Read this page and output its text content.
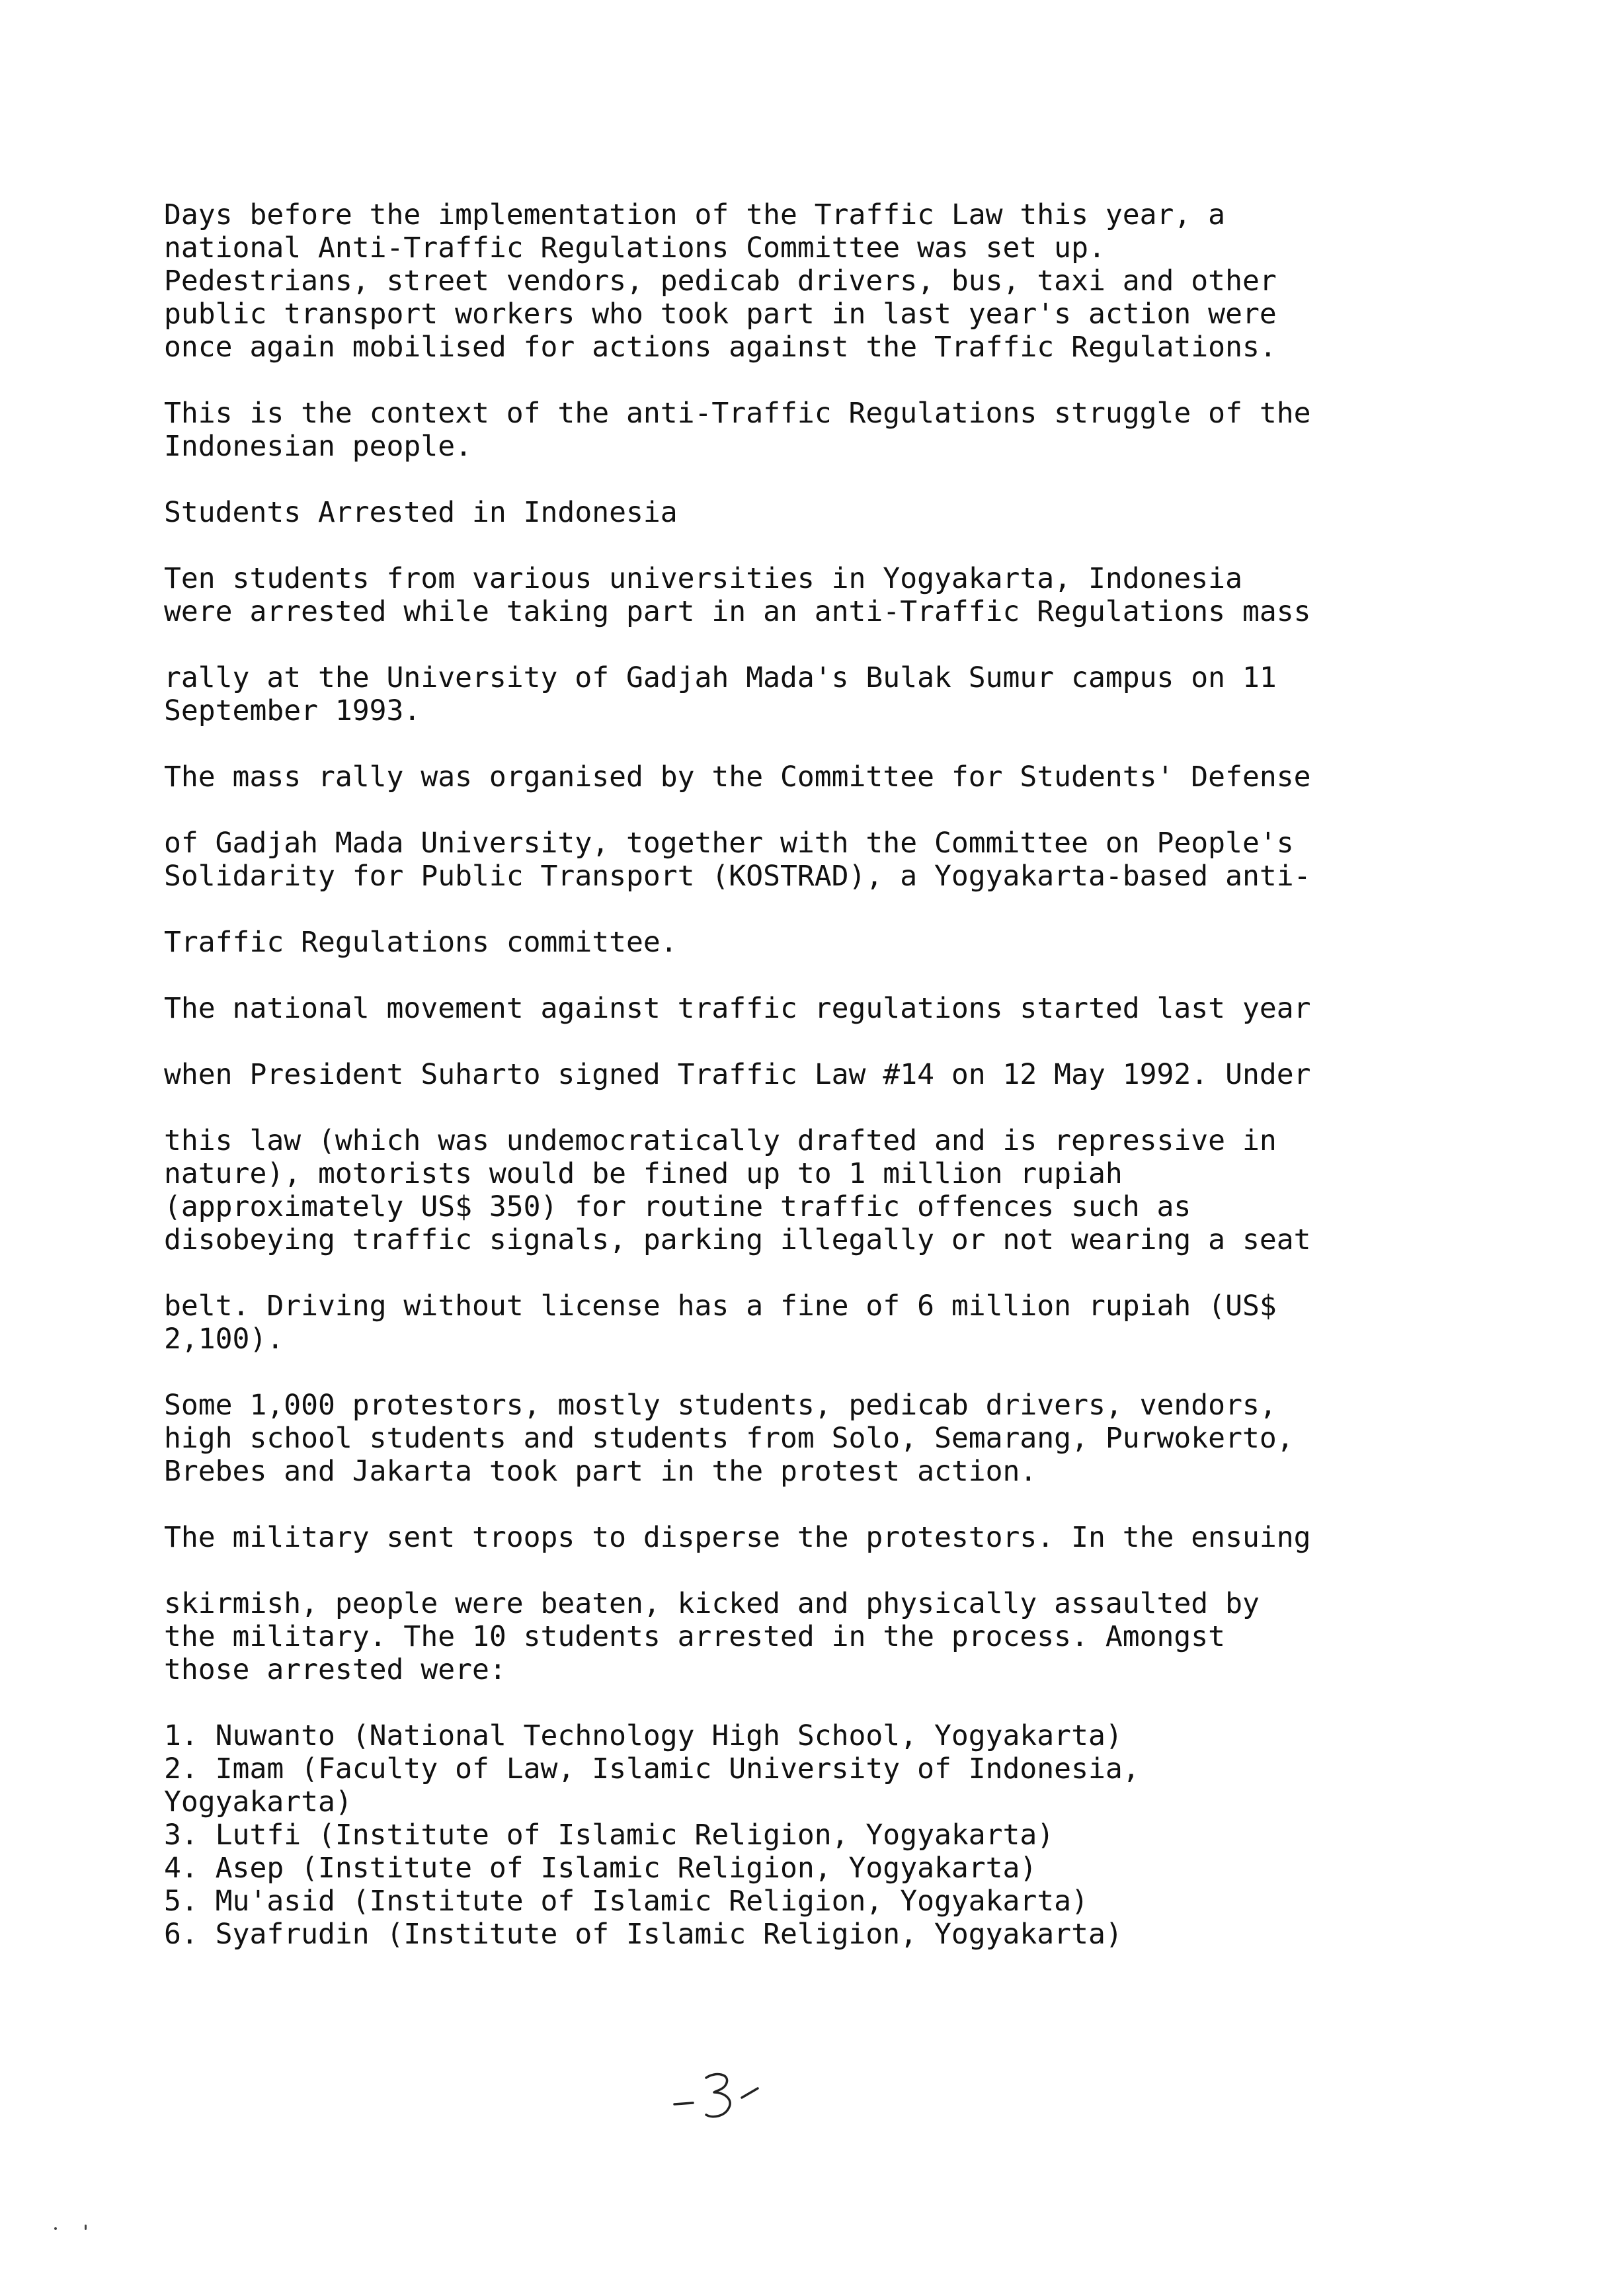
Days before the implementation of the Traffic Law this year, a
national Anti-Traffic Regulations Committee was set up.
Pedestrians, street vendors, pedicab drivers, bus, taxi and other
public transport workers who took part in last year's action were
once again mobilised for actions against the Traffic Regulations.

This is the context of the anti-Traffic Regulations struggle of the
Indonesian people.

Students Arrested in Indonesia

Ten students from various universities in Yogyakarta, Indonesia
were arrested while taking part in an anti-Traffic Regulations mass

rally at the University of Gadjah Mada's Bulak Sumur campus on 11
September 1993.

The mass rally was organised by the Committee for Students' Defense

of Gadjah Mada University, together with the Committee on People's
Solidarity for Public Transport (KOSTRAD), a Yogyakarta-based anti-

Traffic Regulations committee.

The national movement against traffic regulations started last year

when President Suharto signed Traffic Law #14 on 12 May 1992. Under

this law (which was undemocratically drafted and is repressive in
nature), motorists would be fined up to 1 million rupiah
(approximately US$ 350) for routine traffic offences such as
disobeying traffic signals, parking illegally or not wearing a seat

belt. Driving without license has a fine of 6 million rupiah (US$
2,100).

Some 1,000 protestors, mostly students, pedicab drivers, vendors,
high school students and students from Solo, Semarang, Purwokerto,
Brebes and Jakarta took part in the protest action.

The military sent troops to disperse the protestors. In the ensuing

skirmish, people were beaten, kicked and physically assaulted by
the military. The 10 students arrested in the process. Amongst
those arrested were:

1. Nuwanto (National Technology High School, Yogyakarta)
2. Imam (Faculty of Law, Islamic University of Indonesia,
Yogyakarta)
3. Lutfi (Institute of Islamic Religion, Yogyakarta)
4. Asep (Institute of Islamic Religion, Yogyakarta)
5. Mu'asid (Institute of Islamic Religion, Yogyakarta)
6. Syafrudin (Institute of Islamic Religion, Yogyakarta)
